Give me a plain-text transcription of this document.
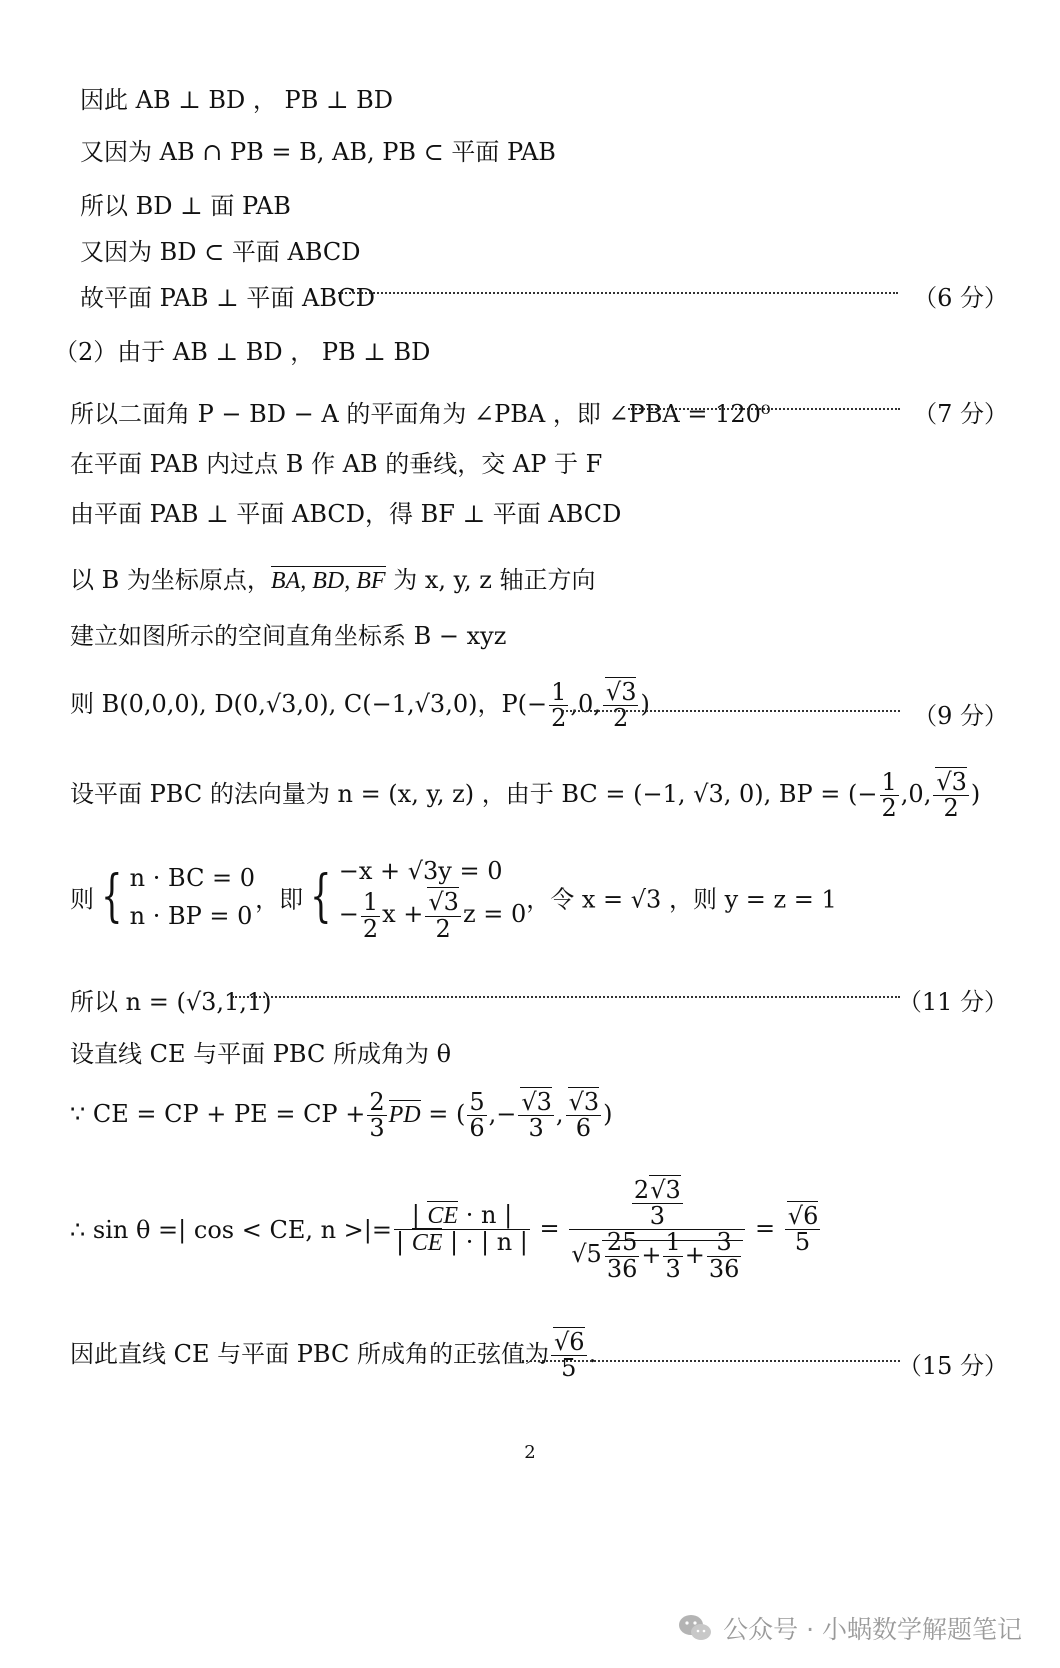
因此 AB ⊥ BD ， PB ⊥ BD
又因为 AB ∩ PB = B, AB, PB ⊂ 平面 PAB
所以 BD ⊥ 面 PAB
又因为 BD ⊂ 平面 ABCD
故平面 PAB ⊥ 平面 ABCD	（6 分）
（2）由于 AB ⊥ BD ， PB ⊥ BD
所以二面角 P − BD − A 的平面角为 ∠PBA ，即 ∠PBA = 120⁰	（7 分）
在平面 PAB 内过点 B 作 AB 的垂线，交 AP 于 F
由平面 PAB ⊥ 平面 ABCD，得 BF ⊥ 平面 ABCD
以 B 为坐标原点，BA, BD, BF 为 x, y, z 轴正方向
建立如图所示的空间直角坐标系 B − xyz
则 B(0,0,0), D(0,√3,0), C(−1,√3,0)，$P(- \frac{1}{2} ,0$, $\frac{√3}{2}$ )	（9 分）
设平面 PBC 的法向量为 n = (x, y, z) ，由于 BC = (−1, √3, 0), BP = (− $\frac{1}{2} ,0$, $\frac{√3}{2}$ )
则 { n · BC = 0
n · BP = 0
，即 { −x + √3y = 0
− $\frac{1}{2}$ $x + \frac{√3}{2}$ z = 0
，令 x = √3 ，则 y = z = 1
所以 n = (√3,1,1)	（11 分）
设直线 CE 与平面 PBC 所成角为 θ
∵ CE = CP + PE = CP + $\frac{2}{3}$ PD = ( $\frac{5}{6}$ ,− $\frac{√3}{3}$ , $\frac{√3}{6}$ )
∴ sin θ =| cos < CE, n >|= $\frac{| CE \cdot n |}{| CE | \cdot | n |} = \frac{\frac{2√3}{3}}{√5 \frac{25}{36} + \frac{1}{3} + \frac{3}{36}} = \frac{√6}{5}$
因此直线 CE 与平面 PBC 所成角的正弦值为 $\frac{√6}{5}$ .	（15 分）
2
公众号 · 小蜗数学解题笔记
